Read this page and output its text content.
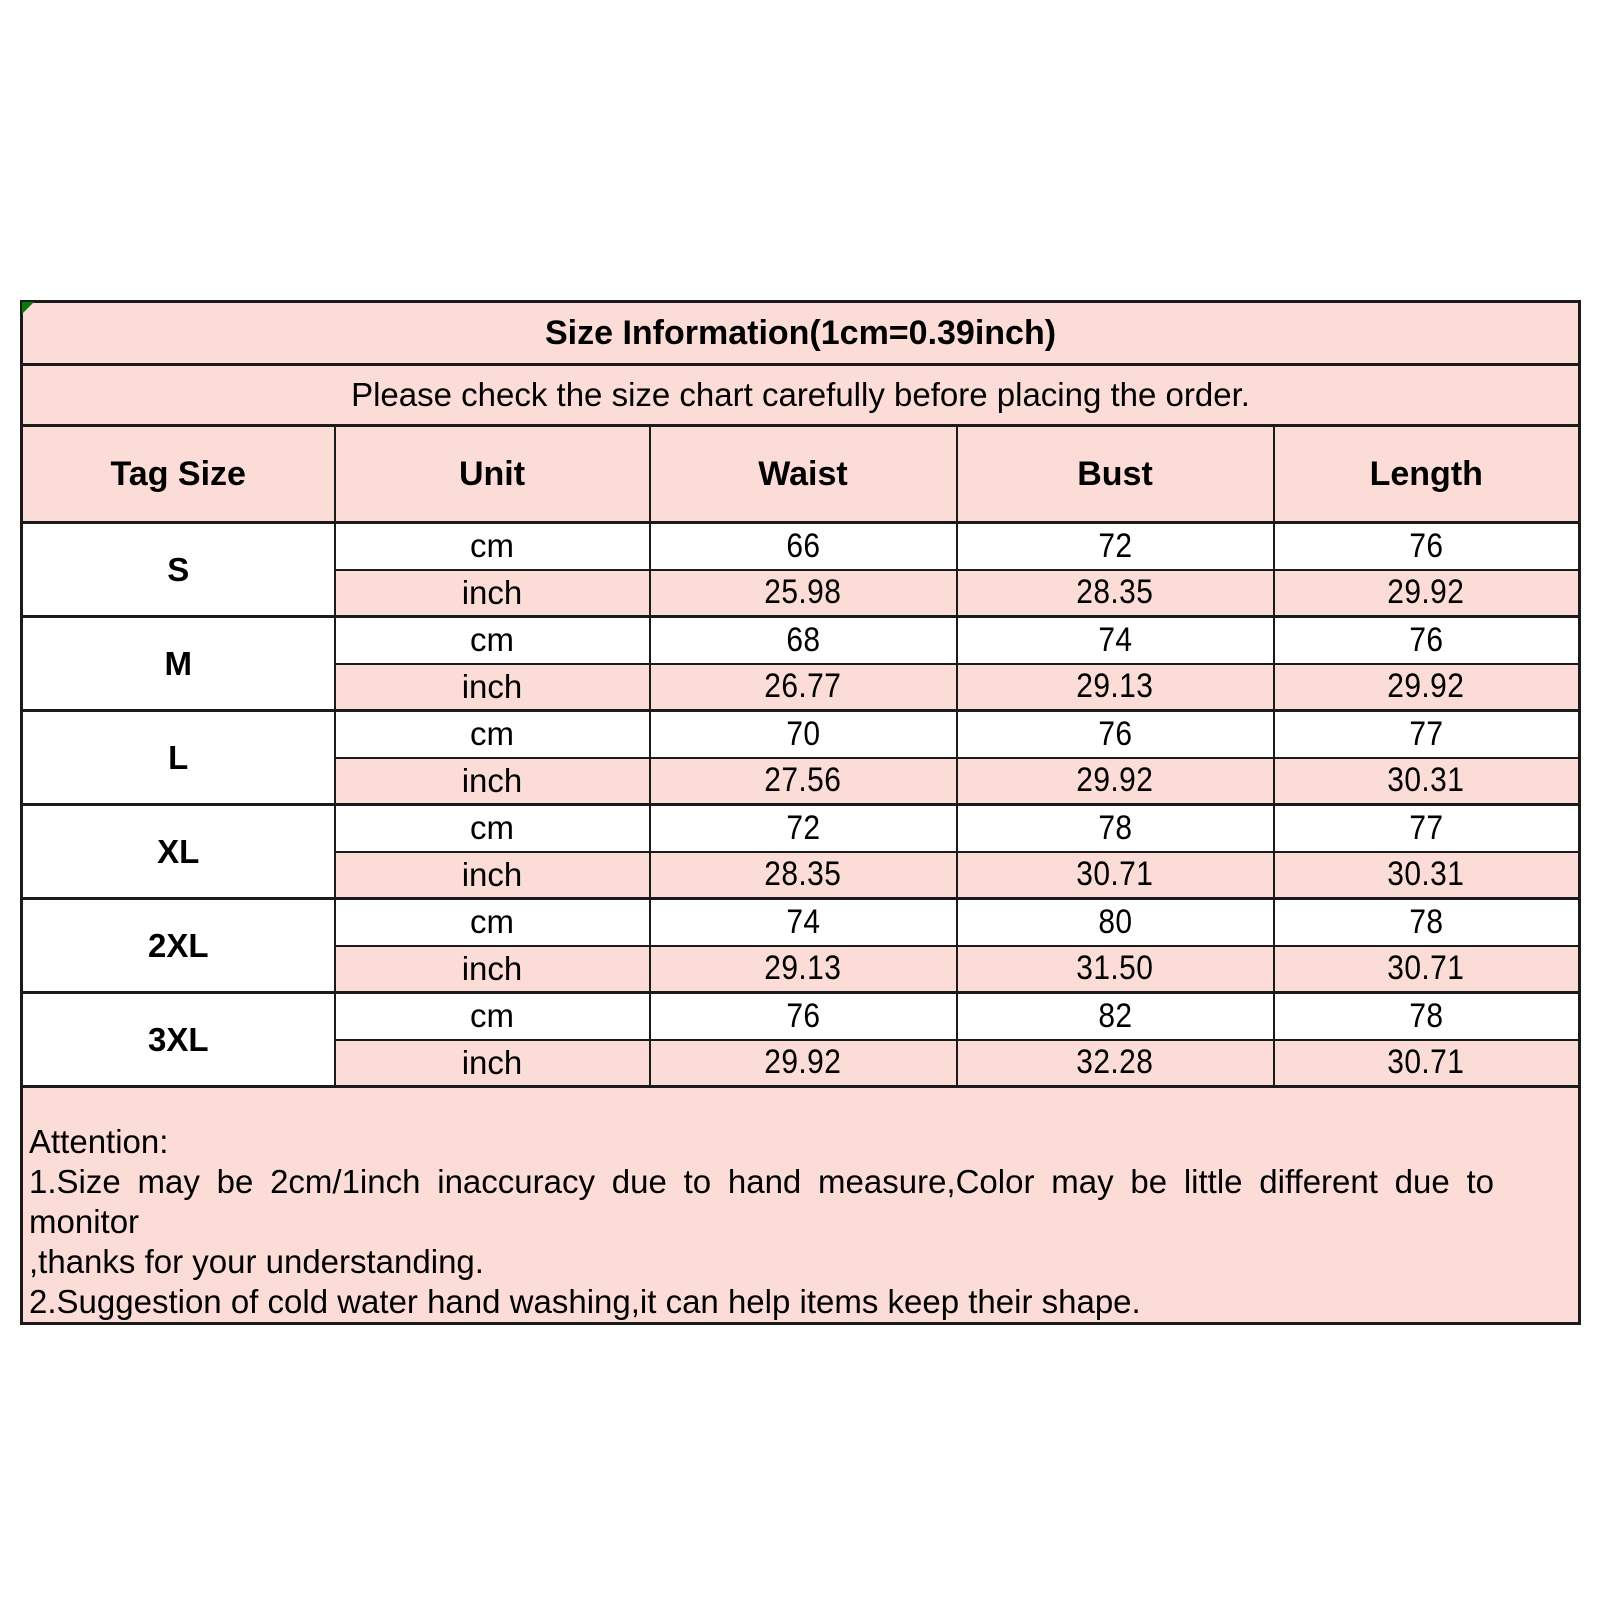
Size Information(1cm=0.39inch)				
Please check the size chart carefully before placing the order.				
Tag Size	Unit	Waist	Bust	Length
S	cm	66	72	76
	inch	25.98	28.35	29.92
M	cm	68	74	76
	inch	26.77	29.13	29.92
L	cm	70	76	77
	inch	27.56	29.92	30.31
XL	cm	72	78	77
	inch	28.35	30.71	30.31
2XL	cm	74	80	78
	inch	29.13	31.50	30.71
3XL	cm	76	82	78
	inch	29.92	32.28	30.71

Attention:
1.Size may be 2cm/1inch inaccuracy due to hand measure,Color may be little different due to monitor
,thanks for your understanding.
2.Suggestion of cold water hand washing,it can help items keep their shape.				
